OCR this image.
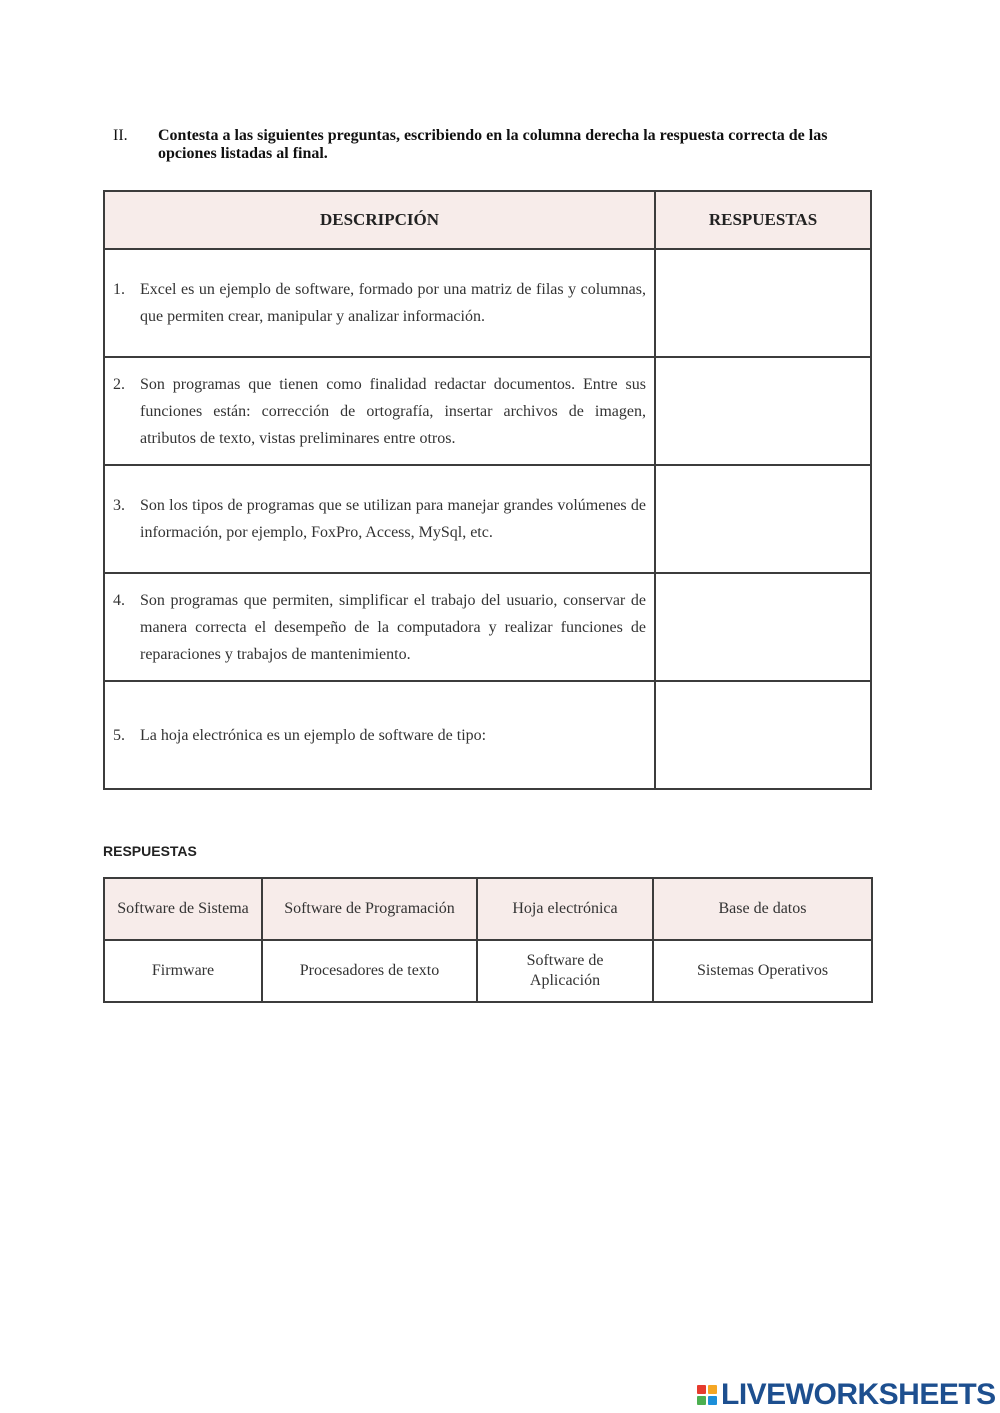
II. Contesta a las siguientes preguntas, escribiendo en la columna derecha la respuesta correcta de las opciones listadas al final.
DESCRIPCIÓN	RESPUESTAS

1. Excel es un ejemplo de software, formado por una matriz de filas y columnas, que permiten crear, manipular y analizar información.	

2. Son programas que tienen como finalidad redactar documentos. Entre sus funciones están: corrección de ortografía, insertar archivos de imagen, atributos de texto, vistas preliminares entre otros.	

3. Son los tipos de programas que se utilizan para manejar grandes volúmenes de información, por ejemplo, FoxPro, Access, MySql, etc.	

4. Son programas que permiten, simplificar el trabajo del usuario, conservar de manera correcta el desempeño de la computadora y realizar funciones de reparaciones y trabajos de mantenimiento.	

5. La hoja electrónica es un ejemplo de software de tipo:	

RESPUESTAS
Software de Sistema	Software de Programación	Hoja electrónica	Base de datos
Firmware	Procesadores de texto	Software de Aplicación	Sistemas Operativos
LIVEWORKSHEETS
